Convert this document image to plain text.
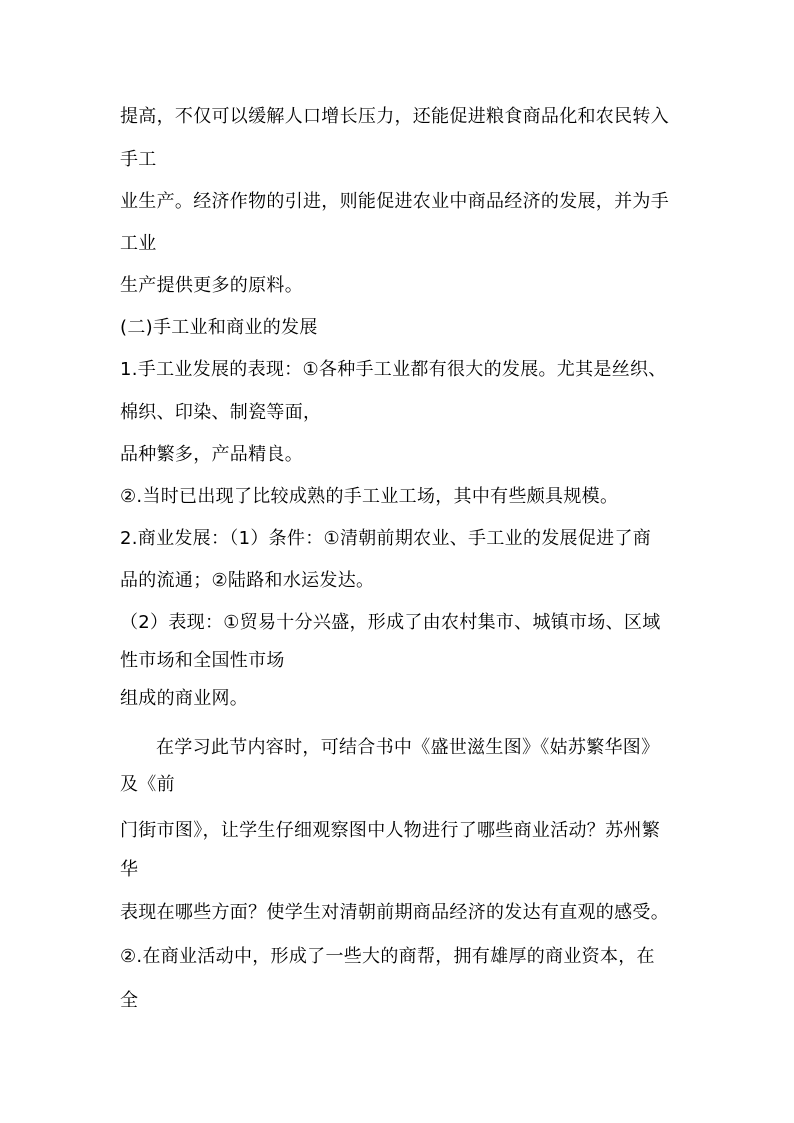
提高，不仅可以缓解人口增长压力，还能促进粮食商品化和农民转入
手工
业生产。经济作物的引进，则能促进农业中商品经济的发展，并为手
工业
生产提供更多的原料。
(二)手工业和商业的发展
1.手工业发展的表现：①各种手工业都有很大的发展。尤其是丝织、
棉织、印染、制瓷等面，
品种繁多，产品精良。
②.当时已出现了比较成熟的手工业工场，其中有些颇具规模。
2.商业发展：（1）条件：①清朝前期农业、手工业的发展促进了商
品的流通；②陆路和水运发达。
（2）表现：①贸易十分兴盛，形成了由农村集市、城镇市场、区域
性市场和全国性市场
组成的商业网。
在学习此节内容时，可结合书中《盛世滋生图》《姑苏繁华图》
及《前
门街市图》，让学生仔细观察图中人物进行了哪些商业活动？苏州繁
华
表现在哪些方面？使学生对清朝前期商品经济的发达有直观的感受。
②.在商业活动中，形成了一些大的商帮，拥有雄厚的商业资本，在
全
